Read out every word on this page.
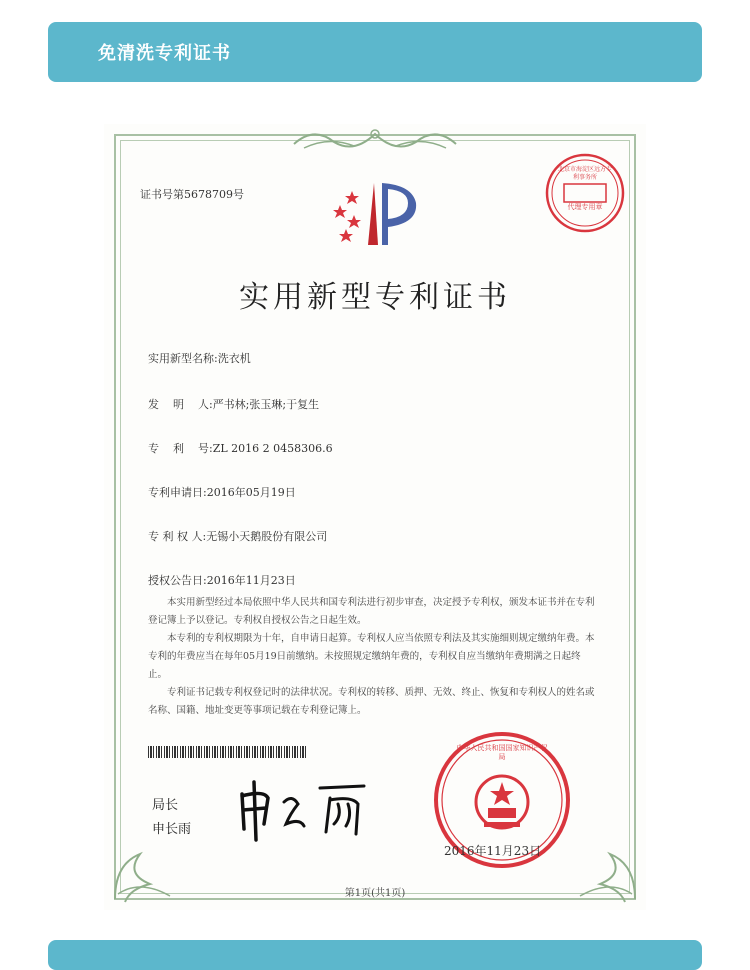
免清洗专利证书
证书号第5678709号
北京市海淀区远方专利事务所
代理专用章
实用新型专利证书
实用新型名称:洗衣机
发    明    人:严书林;张玉琳;于复生
专    利    号:ZL 2016 2 0458306.6
专利申请日:2016年05月19日
专 利 权 人:无锡小天鹅股份有限公司
授权公告日:2016年11月23日

本实用新型经过本局依照中华人民共和国专利法进行初步审查，决定授予专利权，颁发本证书并在专利登记簿上予以登记。专利权自授权公告之日起生效。

本专利的专利权期限为十年，自申请日起算。专利权人应当依照专利法及其实施细则规定缴纳年费。本专利的年费应当在每年05月19日前缴纳。未按照规定缴纳年费的，专利权自应当缴纳年费期满之日起终止。

专利证书记载专利权登记时的法律状况。专利权的转移、质押、无效、终止、恢复和专利权人的姓名或名称、国籍、地址变更等事项记载在专利登记簿上。

局长
申长雨
中华人民共和国国家知识产权局
2016年11月23日
第1页(共1页)
